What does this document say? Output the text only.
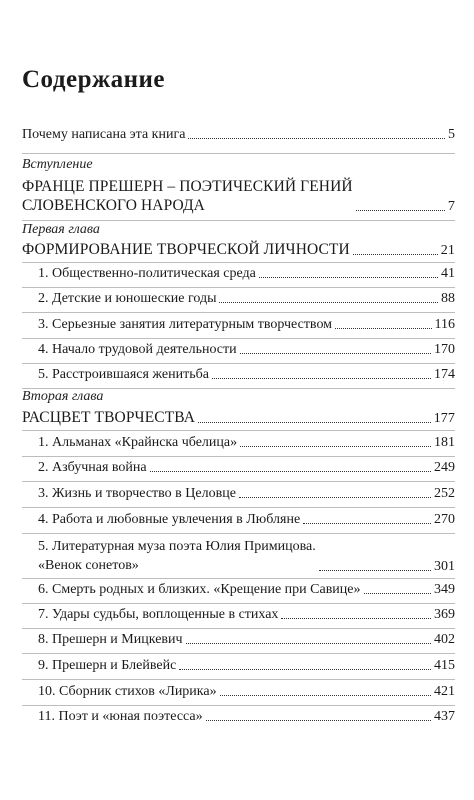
Содержание
Почему написана эта книга	5
Вступление
ФРАНЦЕ ПРЕШЕРН – ПОЭТИЧЕСКИЙ ГЕНИЙ
СЛОВЕНСКОГО НАРОДА	7
Первая глава
ФОРМИРОВАНИЕ ТВОРЧЕСКОЙ ЛИЧНОСТИ	21
1. Общественно-политическая среда	41
2. Детские и юношеские годы	88
3. Серьезные занятия литературным творчеством	116
4. Начало трудовой деятельности	170
5. Расстроившаяся женитьба	174
Вторая глава
РАСЦВЕТ ТВОРЧЕСТВА	177
1. Альманах «Крайнска чбелица»	181
2. Азбучная война	249
3. Жизнь и творчество в Целовце	252
4. Работа и любовные увлечения в Любляне	270
5. Литературная муза поэта Юлия Примицова.
«Венок сонетов»	301
6. Смерть родных и близких. «Крещение при Савице»	349
7. Удары судьбы, воплощенные в стихах	369
8. Прешерн и Мицкевич	402
9. Прешерн и Блейвейс	415
10. Сборник стихов «Лирика»	421
11. Поэт и «юная поэтесса»	437
